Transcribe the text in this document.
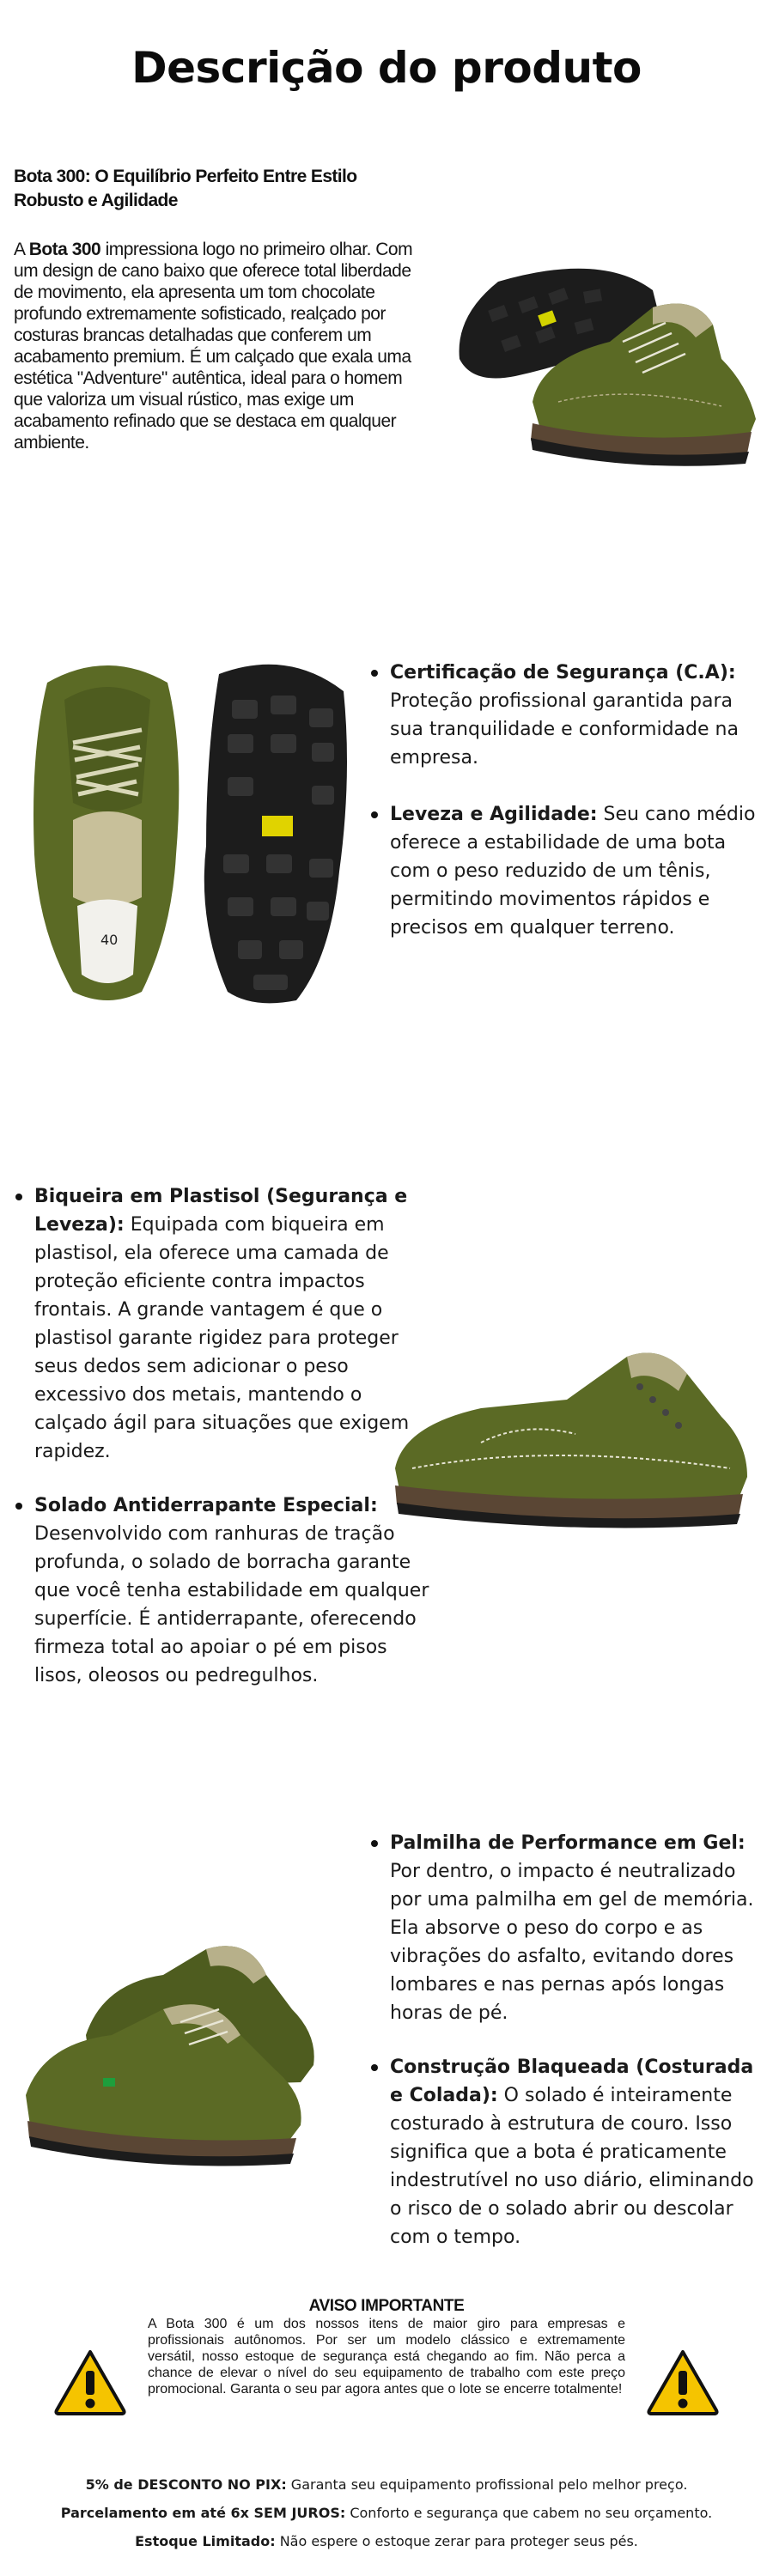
Descrição do produto
Bota 300: O Equilíbrio Perfeito Entre Estilo Robusto e Agilidade
A Bota 300 impressiona logo no primeiro olhar. Com um design de cano baixo que oferece total liberdade de movimento, ela apresenta um tom chocolate profundo extremamente sofisticado, realçado por costuras brancas detalhadas que conferem um acabamento premium. É um calçado que exala uma estética "Adventure" autêntica, ideal para o homem que valoriza um visual rústico, mas exige um acabamento refinado que se destaca em qualquer ambiente.
40
Certificação de Segurança (C.A): Proteção profissional garantida para sua tranquilidade e conformidade na empresa.
Leveza e Agilidade: Seu cano médio oferece a estabilidade de uma bota com o peso reduzido de um tênis, permitindo movimentos rápidos e precisos em qualquer terreno.
Biqueira em Plastisol (Segurança e Leveza): Equipada com biqueira em plastisol, ela oferece uma camada de proteção eficiente contra impactos frontais. A grande vantagem é que o plastisol garante rigidez para proteger seus dedos sem adicionar o peso excessivo dos metais, mantendo o calçado ágil para situações que exigem rapidez.
Solado Antiderrapante Especial: Desenvolvido com ranhuras de tração profunda, o solado de borracha garante que você tenha estabilidade em qualquer superfície. É antiderrapante, oferecendo firmeza total ao apoiar o pé em pisos lisos, oleosos ou pedregulhos.
Palmilha de Performance em Gel: Por dentro, o impacto é neutralizado por uma palmilha em gel de memória. Ela absorve o peso do corpo e as vibrações do asfalto, evitando dores lombares e nas pernas após longas horas de pé.
Construção Blaqueada (Costurada e Colada): O solado é inteiramente costurado à estrutura de couro. Isso significa que a bota é praticamente indestrutível no uso diário, eliminando o risco de o solado abrir ou descolar com o tempo.
AVISO IMPORTANTE
A Bota 300 é um dos nossos itens de maior giro para empresas e profissionais autônomos. Por ser um modelo clássico e extremamente versátil, nosso estoque de segurança está chegando ao fim. Não perca a chance de elevar o nível do seu equipamento de trabalho com este preço promocional. Garanta o seu par agora antes que o lote se encerre totalmente!
5% de DESCONTO NO PIX: Garanta seu equipamento profissional pelo melhor preço.
Parcelamento em até 6x SEM JUROS: Conforto e segurança que cabem no seu orçamento.
Estoque Limitado: Não espere o estoque zerar para proteger seus pés.
